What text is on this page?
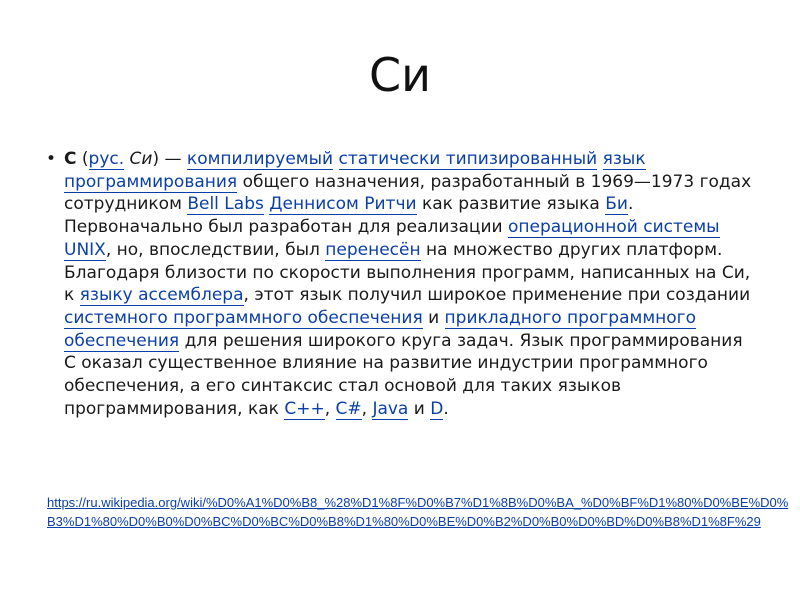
Си
• C (рус. Си) — компилируемый статически типизированный язык программирования общего назначения, разработанный в 1969—1973 годах сотрудником Bell Labs Деннисом Ритчи как развитие языка Би. Первоначально был разработан для реализации операционной системы UNIX, но, впоследствии, был перенесён на множество других платформ. Благодаря близости по скорости выполнения программ, написанных на Си, к языку ассемблера, этот язык получил широкое применение при создании системного программного обеспечения и прикладного программного обеспечения для решения широкого круга задач. Язык программирования C оказал существенное влияние на развитие индустрии программного обеспечения, а его синтаксис стал основой для таких языков программирования, как C++, C#, Java и D.
https://ru.wikipedia.org/wiki/%D0%A1%D0%B8_%28%D1%8F%D0%B7%D1%8B%D0%BA_%D0%BF%D1%80%D0%BE%D0%B3%D1%80%D0%B0%D0%BC%D0%BC%D0%B8%D1%80%D0%BE%D0%B2%D0%B0%D0%BD%D0%B8%D1%8F%29
